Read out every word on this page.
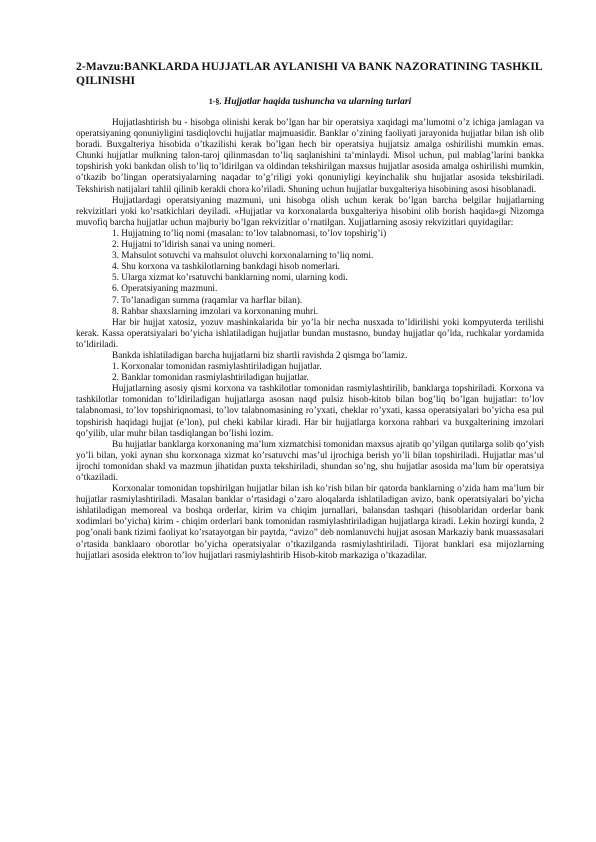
2-Mavzu:BANKLARDA HUJJATLAR AYLANISHI VA BANK NAZORATINING TASHKIL QILINISHI
1-§. Hujjatlar haqida tushuncha va ularning turlari

Hujjatlashtirish bu - hisobga olinishi kerak bo’lgan har bir operatsiya xaqidagi ma’lumotni o’z ichiga jamlagan va operatsiyaning qonuniyligini tasdiqlovchi hujjatlar majmuasidir. Banklar o’zining faoliyati jarayonida hujjatlar bilan ish olib boradi. Buxgalteriya hisobida o’tkazilishi kerak bo’lgan hech bir operatsiya hujjatsiz amalga oshirilishi mumkin emas. Chunki hujjatlar mulkning talon-taroj qilinmasdan to’liq saqlanishini ta’minlaydi. Misol uchun, pul mablag’larini bankka topshirish yoki bankdan olish to’liq to’ldirilgan va oldindan tekshirilgan maxsus hujjatlar asosida amalga oshirilishi mumkin, o’tkazib bo’lingan operatsiyalarning naqadar to’g’riligi yoki qonuniyligi keyinchalik shu hujjatlar asosida tekshiriladi. Tekshirish natijalari tahlil qilinib kerakli chora ko’riladi. Shuning uchun hujjatlar buxgalteriya hisobining asosi hisoblanadi.

Hujjatlardagi operatsiyaning mazmuni, uni hisobga olish uchun kerak bo’lgan barcha belgilar hujjatlarning rekvizitlari yoki ko’rsatkichlari deyiladi. «Hujjatlar va korxonalarda buxgalteriya hisobini olib borish haqida»gi Nizomga muvofiq barcha hujjatlar uchun majburiy bo’lgan rekvizitlar o’rnatilgan. Xujjatlarning asosiy rekvizitlari quyidagilar:

1. Hujjatning to’liq nomi (masalan: to’lov talabnomasi, to’lov topshirig’i)
2. Hujjatni to’ldirish sanai va uning nomeri.
3. Mahsulot sotuvchi va mahsulot oluvchi korxonalarning to’liq nomi.
4. Shu korxona va tashkilotlarning bankdagi hisob nomerlari.
5. Ularga xizmat ko’rsatuvchi banklarning nomi, ularning kodi.
6. Operatsiyaning mazmuni.
7. To’lanadigan summa (raqamlar va harflar bilan).
8. Rahbar shaxslarning imzolari va korxonaning muhri.

Har bir hujjat xatosiz, yozuv mashinkalarida bir yo’la bir necha nusxada to’ldirilishi yoki kompyuterda terilishi kerak. Kassa operatsiyalari bo’yicha ishlatiladigan hujjatlar bundan mustasno, bunday hujjatlar qo’lda, ruchkalar yordamida to’ldiriladi.

Bankda ishlatiladigan barcha hujjatlarni biz shartli ravishda 2 qismga bo’lamiz.

1. Korxonalar tomonidan rasmiylashtiriladigan hujjatlar.
2. Banklar tomonidan rasmiylashtiriladigan hujjatlar.

Hujjatlarning asosiy qismi korxona va tashkilotlar tomonidan rasmiylashtirilib, banklarga topshiriladi. Korxona va tashkilotlar tomonidan to’ldiriladigan hujjatlarga asosan naqd pulsiz hisob-kitob bilan bog’liq bo’lgan hujjatlar: to’lov talabnomasi, to’lov topshiriqnomasi, to’lov talabnomasining ro’yxati, cheklar ro’yxati, kassa operatsiyalari bo’yicha esa pul topshirish haqidagi hujjat (e’lon), pul cheki kabilar kiradi. Har bir hujjatlarga korxona rahbari va buxgalterining imzolari qo’yilib, ular muhr bilan tasdiqlangan bo’lishi lozim.

Bu hujjatlar banklarga korxonaning ma’lum xizmatchisi tomonidan maxsus ajratib qo’yilgan qutilarga solib qo’yish yo’li bilan, yoki aynan shu korxonaga xizmat ko’rsatuvchi mas’ul ijrochiga berish yo’li bilan topshiriladi. Hujjatlar mas’ul ijrochi tomonidan shakl va mazmun jihatidan puxta tekshiriladi, shundan so’ng, shu hujjatlar asosida ma’lum bir operatsiya o’tkaziladi.

Korxonalar tomonidan topshirilgan hujjatlar bilan ish ko’rish bilan bir qatorda banklarning o’zida ham ma’lum bir hujjatlar rasmiylashtiriladi. Masalan banklar o’rtasidagi o’zaro aloqalarda ishlatiladigan avizo, bank operatsiyalari bo’yicha ishlatiladigan memoreal va boshqa orderlar, kirim va chiqim jurnallari, balansdan tashqari (hisoblaridan orderlar bank xodimlari bo’yicha) kirim - chiqim orderlari bank tomonidan rasmiylashtiriladigan hujjatlarga kiradi. Lekin hozirgi kunda, 2 pog’onali bank tizimi faoliyat ko’rsatayotgan bir paytda, “avizo” deb nomlanuvchi hujjat asosan Markaziy bank muassasalari o’rtasida banklaaro oborotlar bo’yicha operatsiyalar o’tkazilganda rasmiylashtiriladi. Tijorat banklari esa mijozlarning hujjatlari asosida elektron to’lov hujjatlari rasmiylashtirib Hisob-kitob markaziga o’tkazadilar.
